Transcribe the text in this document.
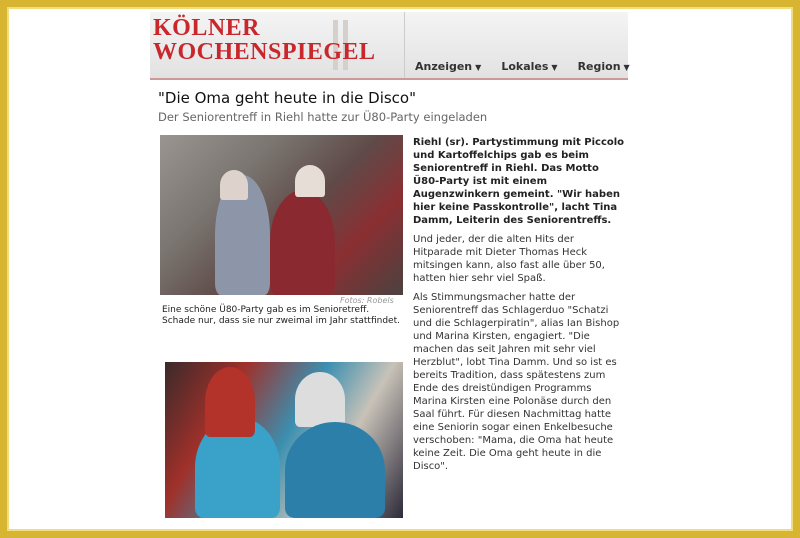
KÖLNER
WOCHENSPIEGEL
Anzeigen ▼ Lokales ▼ Region ▼
"Die Oma geht heute in die Disco"
Der Seniorentreff in Riehl hatte zur Ü80-Party eingeladen
Fotos: Robels
Eine schöne Ü80-Party gab es im Senioretreff. Schade nur, dass sie nur zweimal im Jahr stattfindet.

Riehl (sr). Partystimmung mit Piccolo und Kartoffelchips gab es beim Seniorentreff in Riehl. Das Motto Ü80-Party ist mit einem Augenzwinkern gemeint. "Wir haben hier keine Passkontrolle", lacht Tina Damm, Leiterin des Seniorentreffs.

Und jeder, der die alten Hits der Hitparade mit Dieter Thomas Heck mitsingen kann, also fast alle über 50, hatten hier sehr viel Spaß.

Als Stimmungsmacher hatte der Seniorentreff das Schlagerduo "Schatzi und die Schlagerpiratin", alias Ian Bishop und Marina Kirsten, engagiert. "Die machen das seit Jahren mit sehr viel Herzblut", lobt Tina Damm. Und so ist es bereits Tradition, dass spätestens zum Ende des dreistündigen Programms Marina Kirsten eine Polonäse durch den Saal führt. Für diesen Nachmittag hatte eine Seniorin sogar einen Enkelbesuche verschoben: "Mama, die Oma hat heute keine Zeit. Die Oma geht heute in die Disco".
